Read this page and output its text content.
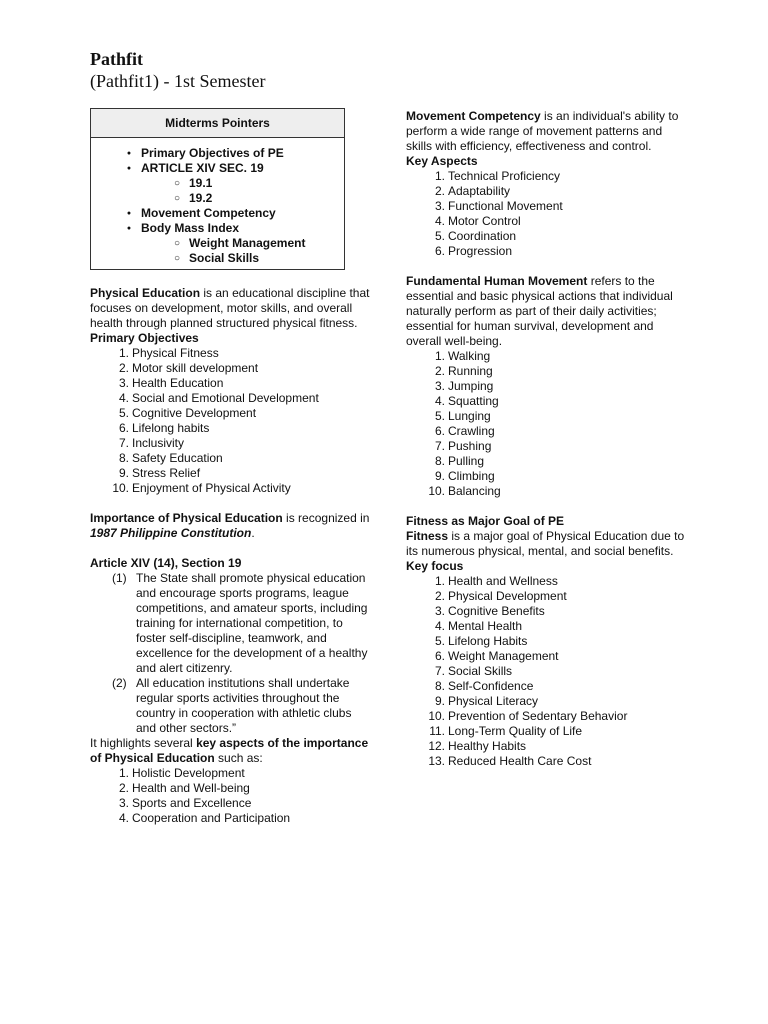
Pathfit
(Pathfit1) - 1st Semester
Midterms Pointers
● Primary Objectives of PE
● ARTICLE XIV SEC. 19
○ 19.1
○ 19.2
● Movement Competency
● Body Mass Index
○ Weight Management
○ Social Skills

Physical Education is an educational discipline that focuses on development, motor skills, and overall health through planned structured physical fitness.

Primary Objectives

1. Physical Fitness
2. Motor skill development
3. Health Education
4. Social and Emotional Development
5. Cognitive Development
6. Lifelong habits
7. Inclusivity
8. Safety Education
9. Stress Relief
10. Enjoyment of Physical Activity

Importance of Physical Education is recognized in 1987 Philippine Constitution.

Article XIV (14), Section 19

(1) The State shall promote physical education and encourage sports programs, league competitions, and amateur sports, including training for international competition, to foster self-discipline, teamwork, and excellence for the development of a healthy and alert citizenry.
(2) All education institutions shall undertake regular sports activities throughout the country in cooperation with athletic clubs and other sectors.”

It highlights several key aspects of the importance of Physical Education such as:

1. Holistic Development
2. Health and Well-being
3. Sports and Excellence
4. Cooperation and Participation

Movement Competency is an individual's ability to perform a wide range of movement patterns and skills with efficiency, effectiveness and control.

Key Aspects

1. Technical Proficiency
2. Adaptability
3. Functional Movement
4. Motor Control
5. Coordination
6. Progression

Fundamental Human Movement refers to the essential and basic physical actions that individual naturally perform as part of their daily activities; essential for human survival, development and overall well-being.

1. Walking
2. Running
3. Jumping
4. Squatting
5. Lunging
6. Crawling
7. Pushing
8. Pulling
9. Climbing
10. Balancing

Fitness as Major Goal of PE

Fitness is a major goal of Physical Education due to its numerous physical, mental, and social benefits.

Key focus

1. Health and Wellness
2. Physical Development
3. Cognitive Benefits
4. Mental Health
5. Lifelong Habits
6. Weight Management
7. Social Skills
8. Self-Confidence
9. Physical Literacy
10. Prevention of Sedentary Behavior
11. Long-Term Quality of Life
12. Healthy Habits
13. Reduced Health Care Cost
